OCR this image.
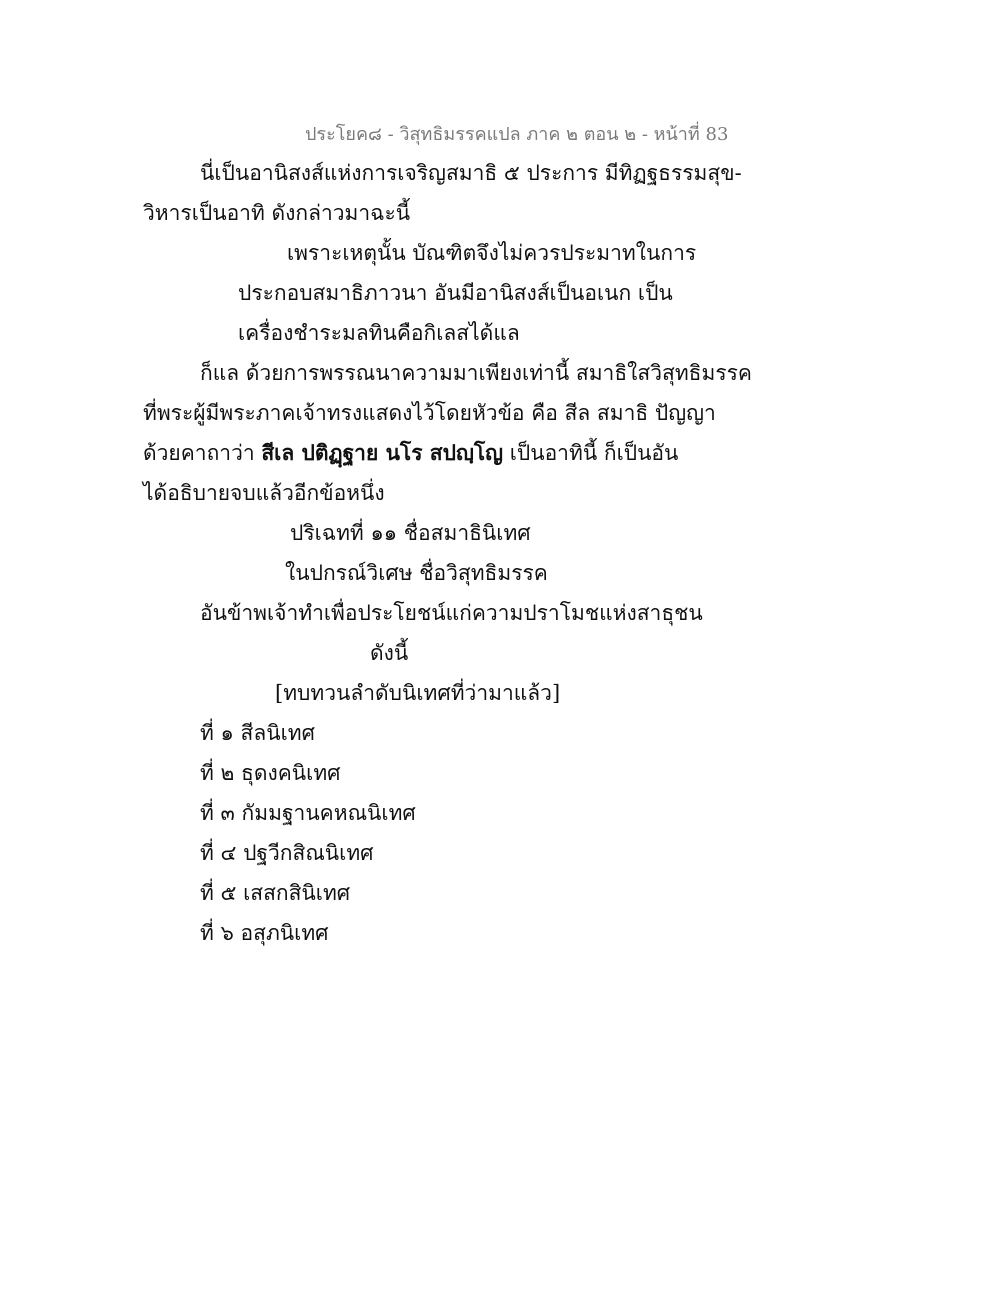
ประโยค๘ - วิสุทธิมรรคแปล ภาค ๒ ตอน ๒ - หน้าที่ 83
นี่เป็นอานิสงส์แห่งการเจริญสมาธิ ๕ ประการ มีทิฏฐธรรมสุข-
วิหารเป็นอาทิ ดังกล่าวมาฉะนี้
เพราะเหตุนั้น บัณฑิตจึงไม่ควรประมาทในการ
ประกอบสมาธิภาวนา อันมีอานิสงส์เป็นอเนก เป็น
เครื่องชำระมลทินคือกิเลสได้แล
ก็แล ด้วยการพรรณนาความมาเพียงเท่านี้ สมาธิใสวิสุทธิมรรค
ที่พระผู้มีพระภาคเจ้าทรงแสดงไว้โดยหัวข้อ คือ สีล สมาธิ ปัญญา
ด้วยคาถาว่า สีเล ปติฏฺฐาย นโร สปญฺโญ เป็นอาทินี้ ก็เป็นอัน
ได้อธิบายจบแล้วอีกข้อหนึ่ง
ปริเฉทที่ ๑๑ ชื่อสมาธินิเทศ
ในปกรณ์วิเศษ ชื่อวิสุทธิมรรค
อันข้าพเจ้าทำเพื่อประโยชน์แก่ความปราโมชแห่งสาธุชน
ดังนี้
[ทบทวนลำดับนิเทศที่ว่ามาแล้ว]
ที่ ๑ สีลนิเทศ
ที่ ๒ ธุดงคนิเทศ
ที่ ๓ กัมมฐานคหณนิเทศ
ที่ ๔ ปฐวีกสิณนิเทศ
ที่ ๕ เสสกสินิเทศ
ที่ ๖ อสุภนิเทศ
